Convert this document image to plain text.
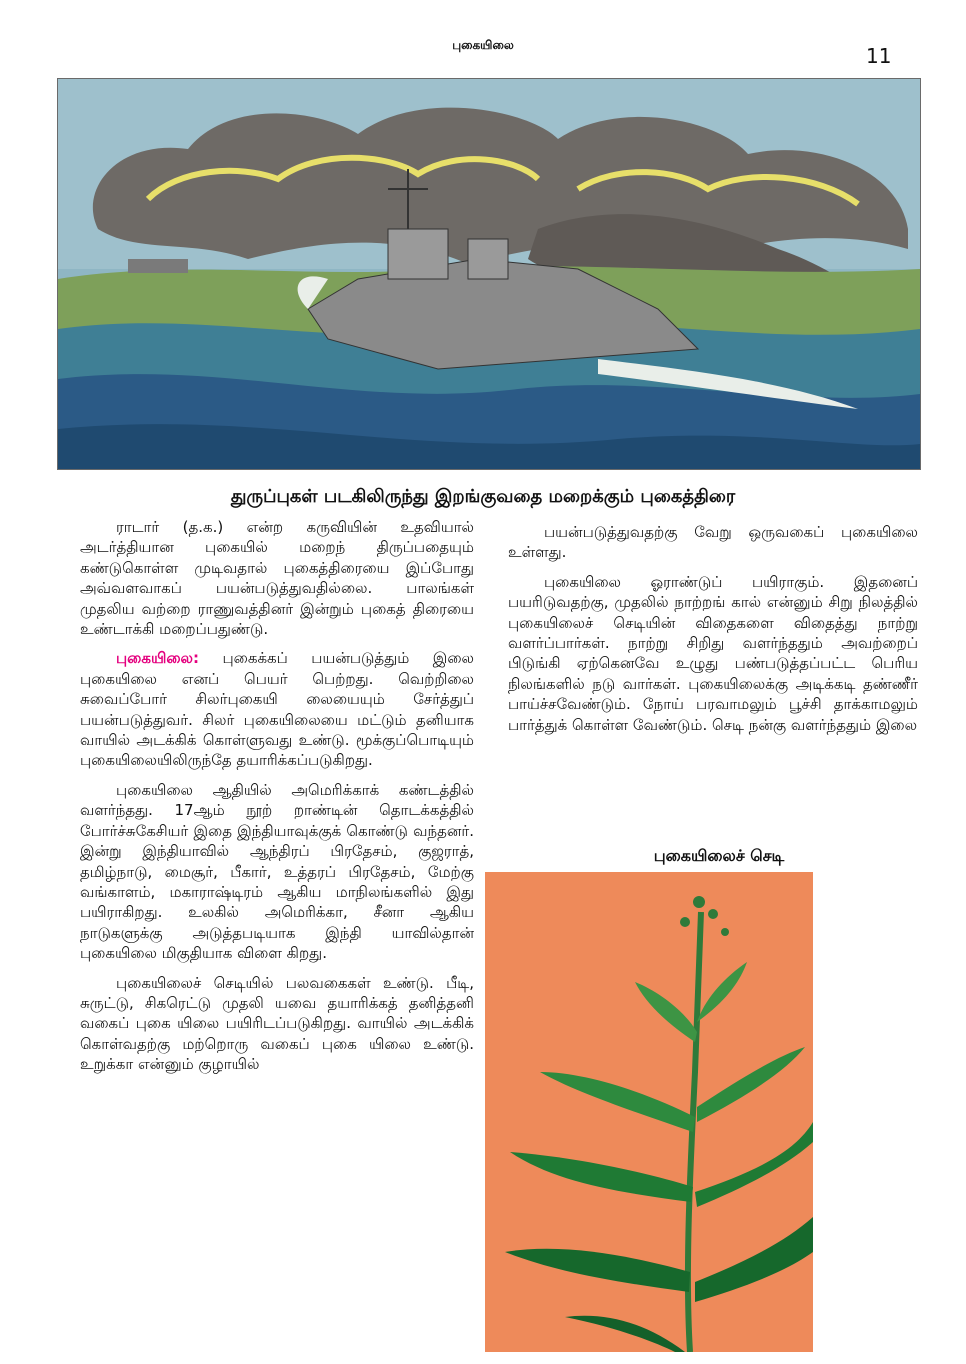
புகையிலை	11
துருப்புகள் படகிலிருந்து இறங்குவதை மறைக்கும் புகைத்திரை

ராடார் (த.க.) என்ற கருவியின் உதவியால் அடர்த்தியான புகையில் மறைந் திருப்பதையும் கண்டுகொள்ள முடிவதால் புகைத்திரையை இப்போது அவ்வளவாகப் பயன்படுத்துவதில்லை. பாலங்கள் முதலிய வற்றை ராணுவத்தினர் இன்றும் புகைத் திரையை உண்டாக்கி மறைப்பதுண்டு.

புகையிலை: புகைக்கப் பயன்படுத்தும் இலை புகையிலை எனப் பெயர் பெற்றது. வெற்றிலை சுவைப்போர் சிலர்புகையி லையையும் சேர்த்துப் பயன்படுத்துவர். சிலர் புகையிலையை மட்டும் தனியாக வாயில் அடக்கிக் கொள்ளுவது உண்டு. மூக்குப்பொடியும் புகையிலையிலிருந்தே தயாரிக்கப்படுகிறது.

புகையிலை ஆதியில் அமெரிக்காக் கண்டத்தில் வளர்ந்தது. 17ஆம் நூற் றாண்டின் தொடக்கத்தில் போர்ச்சுகேசியர் இதை இந்தியாவுக்குக் கொண்டு வந்தனர். இன்று இந்தியாவில் ஆந்திரப் பிரதேசம், குஜராத், தமிழ்நாடு, மைசூர், பீகார், உத்தரப் பிரதேசம், மேற்கு வங்காளம், மகாராஷ்டிரம் ஆகிய மாநிலங்களில் இது பயிராகிறது. உலகில் அமெரிக்கா, சீனா ஆகிய நாடுகளுக்கு அடுத்தபடியாக இந்தி யாவில்தான் புகையிலை மிகுதியாக விளை கிறது.

புகையிலைச் செடியில் பலவகைகள் உண்டு. பீடி, சுருட்டு, சிகரெட்டு முதலி யவை தயாரிக்கத் தனித்தனி வகைப் புகை யிலை பயிரிடப்படுகிறது. வாயில் அடக்கிக் கொள்வதற்கு மற்றொரு வகைப் புகை யிலை உண்டு. உறுக்கா என்னும் குழாயில்

பயன்படுத்துவதற்கு வேறு ஒருவகைப் புகையிலை உள்ளது.

புகையிலை ஓராண்டுப் பயிராகும். இதனைப் பயரிடுவதற்கு, முதலில் நாற்றங் கால் என்னும் சிறு நிலத்தில் புகையிலைச் செடியின் விதைகளை விதைத்து நாற்று வளர்ப்பார்கள். நாற்று சிறிது வளர்ந்ததும் அவற்றைப் பிடுங்கி ஏற்கெனவே உழுது பண்படுத்தப்பட்ட பெரிய நிலங்களில் நடு வார்கள். புகையிலைக்கு அடிக்கடி தண்ணீர் பாய்ச்சவேண்டும். நோய் பரவாமலும் பூச்சி தாக்காமலும் பார்த்துக் கொள்ள வேண்டும். செடி நன்கு வளர்ந்ததும் இலை

புகையிலைச் செடி
